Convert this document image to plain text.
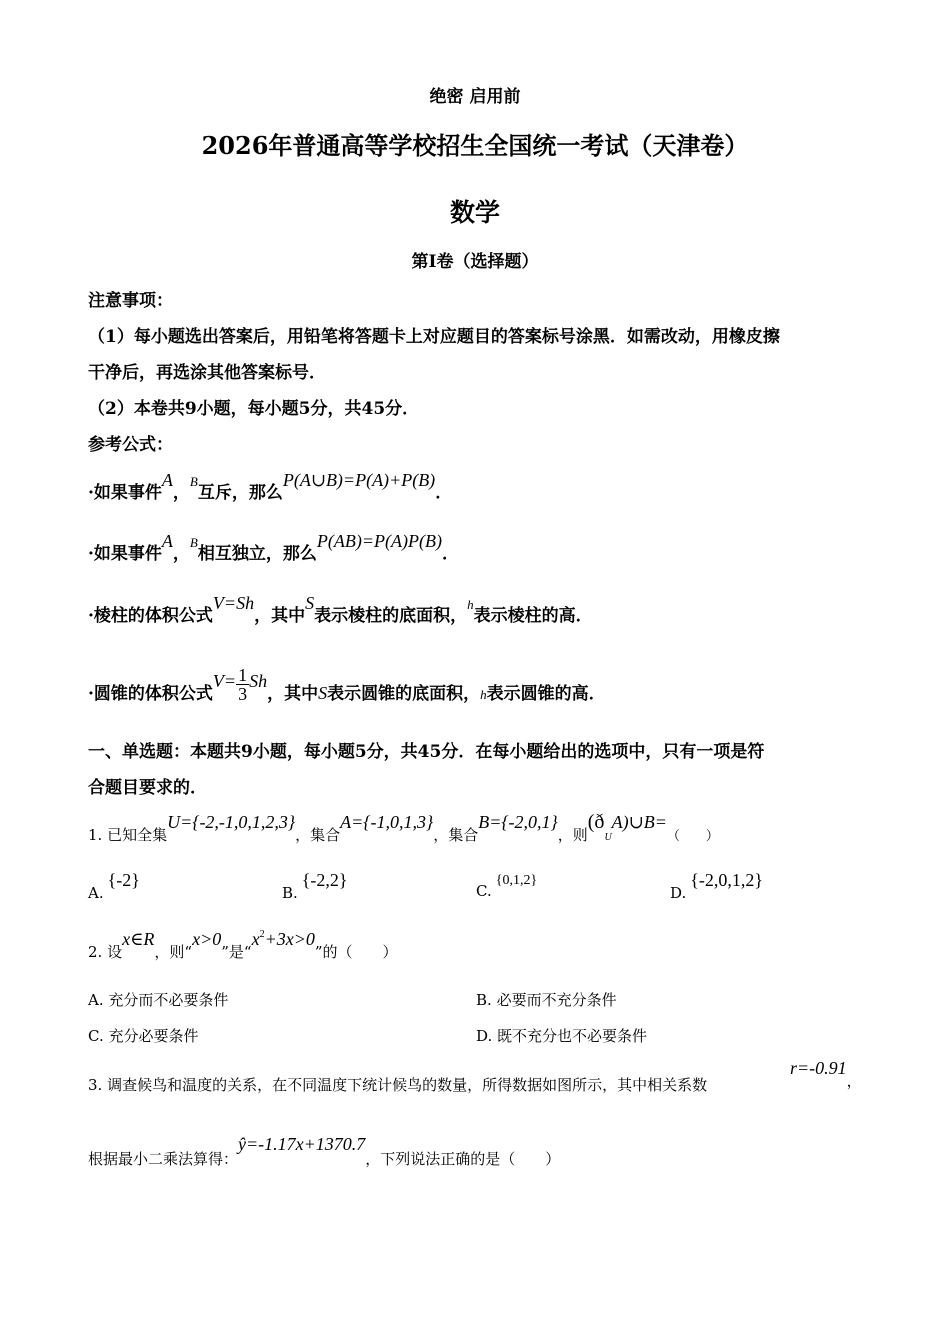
绝密 启用前
2026年普通高等学校招生全国统一考试（天津卷）
数学
第I卷（选择题）
注意事项：
（1）每小题选出答案后，用铅笔将答题卡上对应题目的答案标号涂黑．如需改动，用橡皮擦
干净后，再选涂其他答案标号．
（2）本卷共9小题，每小题5分，共45分．
参考公式：
·如果事件A，$^B$互斥，那么P(A∪B)=P(A)+P(B)．
·如果事件A，$^B$相互独立，那么P(AB)=P(A)P(B)．
·棱柱的体积公式V=Sh，其中S表示棱柱的底面积，$^h$表示棱柱的高．
·圆锥的体积公式$V= \frac{1}{3}$ Sh，其中S表示圆锥的底面积，h表示圆锥的高．
一、单选题：本题共9小题，每小题5分，共45分．在每小题给出的选项中，只有一项是符
合题目要求的．
1. 已知全集U={-2,-1,0,1,2,3}，集合A={-1,0,1,3}，集合B={-2,0,1}，则(ðUA)∪B=（　　）
A.{-2}
B.{-2,2}
C.{0,1,2}
D.{-2,0,1,2}
2. 设x∈R，则“x>0”是“$x^2+3x>0$”的（　　）
A. 充分而不必要条件	B. 必要而不充分条件
C. 充分必要条件	D. 既不充分也不必要条件
3. 调查候鸟和温度的关系，在不同温度下统计候鸟的数量，所得数据如图所示，其中相关系数
r=-0.91，
根据最小二乘法算得：ŷ=-1.17x+1370.7，下列说法正确的是（　　）
